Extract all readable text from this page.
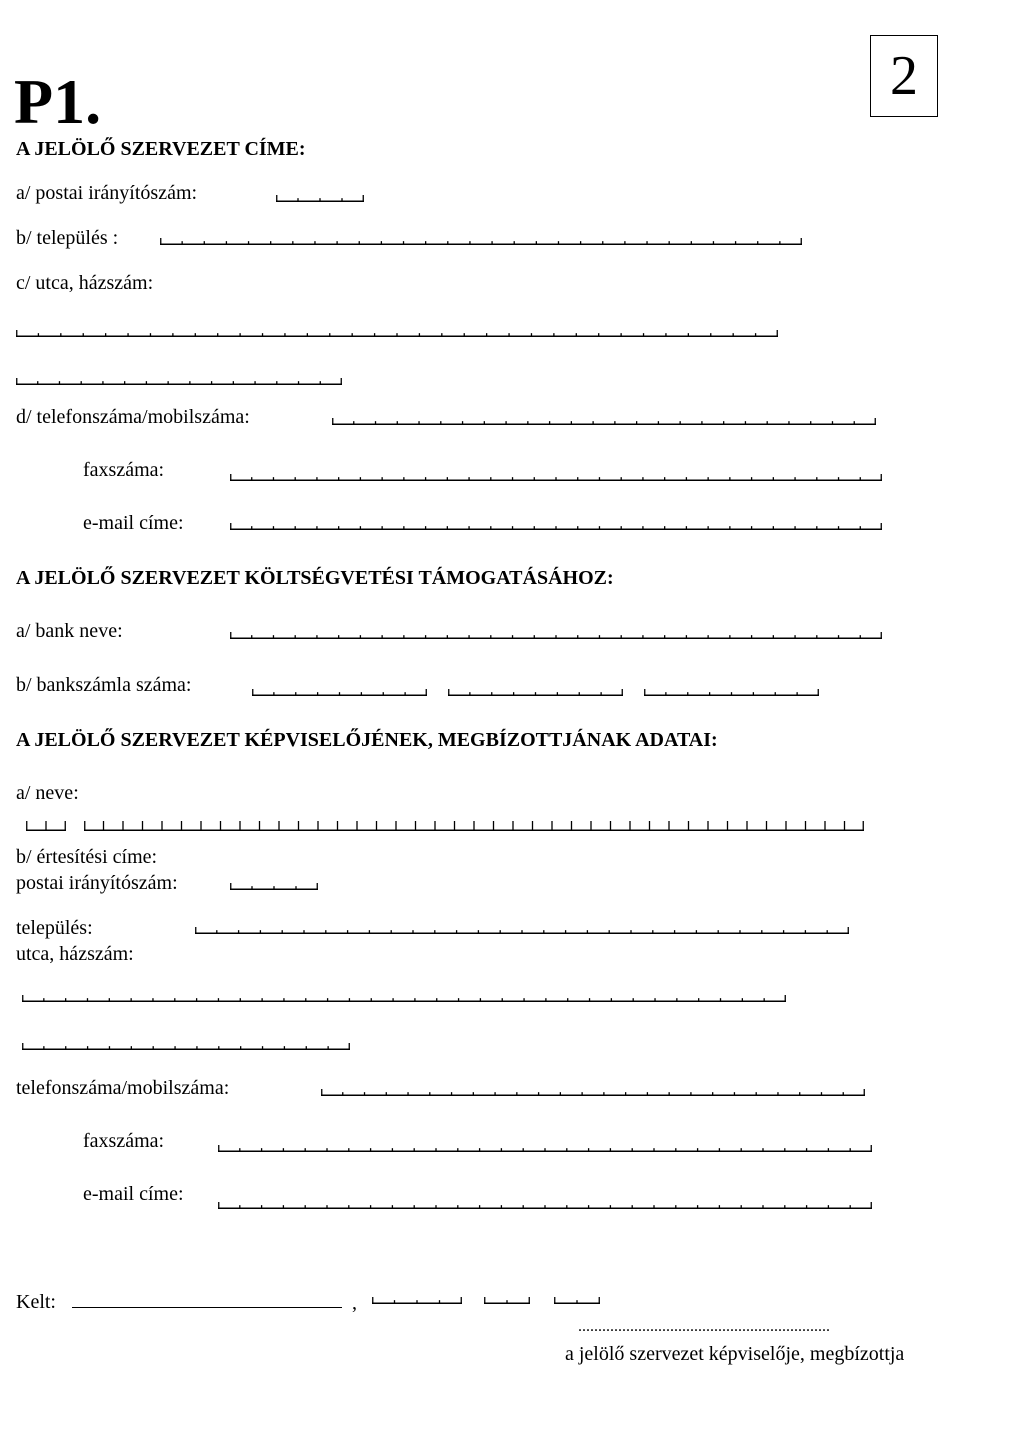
P1.	2
A JELÖLŐ SZERVEZET CÍME:
a/ postai irányítószám:
b/ település :
c/ utca, házszám:
d/ telefonszáma/mobilszáma:
faxszáma:
e-mail címe:
A JELÖLŐ SZERVEZET KÖLTSÉGVETÉSI TÁMOGATÁSÁHOZ:
a/ bank neve:
b/ bankszámla száma:
A JELÖLŐ SZERVEZET KÉPVISELŐJÉNEK, MEGBÍZOTTJÁNAK ADATAI:
a/ neve:
b/ értesítési címe:
postai irányítószám:
település:
utca, házszám:
telefonszáma/mobilszáma:
faxszáma:
e-mail címe:
Kelt:	,
...............................................................
a jelölő szervezet képviselője, megbízottja
